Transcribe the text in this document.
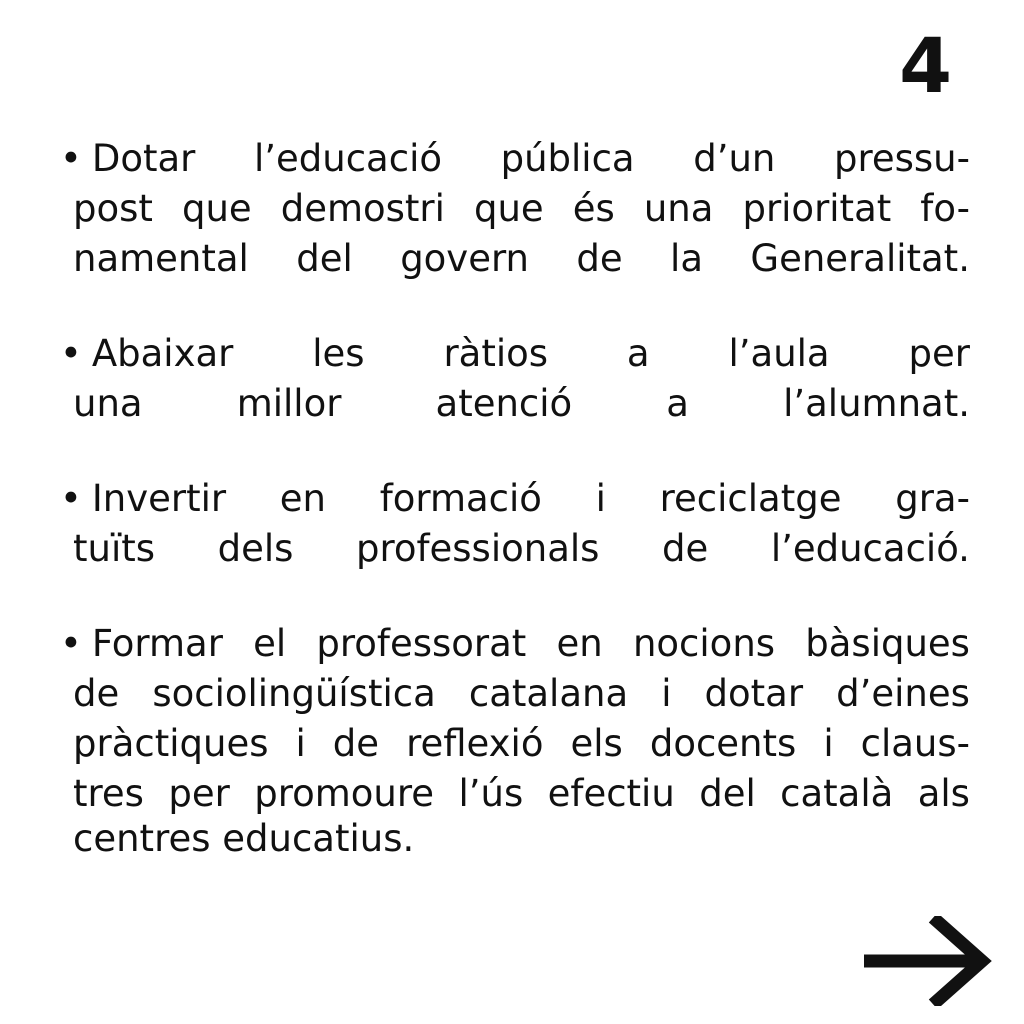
4
• Dotar l’educació pública d’un pressu-
post que demostri que és una prioritat fo-
namental del govern de la Generalitat.
• Abaixar les ràtios a l’aula per
una	millor	atenció	a	l’alumnat.
• Invertir en formació i reciclatge gra-
tuïts dels professionals de l’educació.
• Formar el professorat en nocions bàsiques
de sociolingüística catalana i dotar d’eines
pràctiques i de reflexió els docents i claus-
tres per promoure l’ús efectiu del català als
centres educatius.
